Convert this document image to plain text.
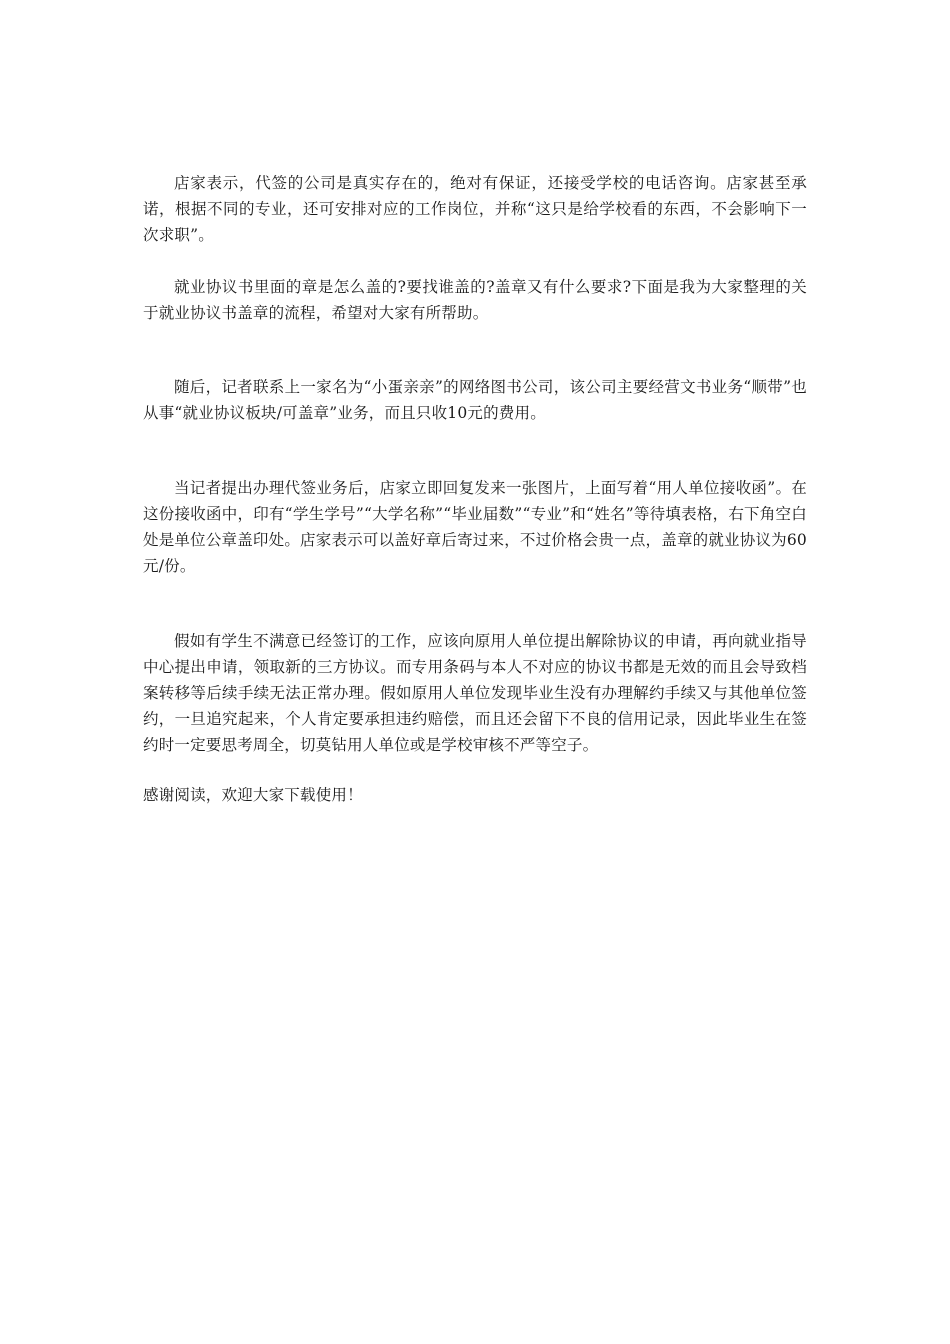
店家表示，代签的公司是真实存在的，绝对有保证，还接受学校的电话咨询。店家甚至承诺，根据不同的专业，还可安排对应的工作岗位，并称“这只是给学校看的东西，不会影响下一次求职”。

就业协议书里面的章是怎么盖的?要找谁盖的?盖章又有什么要求?下面是我为大家整理的关于就业协议书盖章的流程，希望对大家有所帮助。

随后，记者联系上一家名为“小蛋亲亲”的网络图书公司，该公司主要经营文书业务“顺带”也从事“就业协议板块/可盖章”业务，而且只收10元的费用。

当记者提出办理代签业务后，店家立即回复发来一张图片，上面写着“用人单位接收函”。在这份接收函中，印有“学生学号”“大学名称”“毕业届数”“专业”和“姓名”等待填表格，右下角空白处是单位公章盖印处。店家表示可以盖好章后寄过来，不过价格会贵一点，盖章的就业协议为60元/份。

假如有学生不满意已经签订的工作，应该向原用人单位提出解除协议的申请，再向就业指导中心提出申请，领取新的三方协议。而专用条码与本人不对应的协议书都是无效的而且会导致档案转移等后续手续无法正常办理。假如原用人单位发现毕业生没有办理解约手续又与其他单位签约，一旦追究起来，个人肯定要承担违约赔偿，而且还会留下不良的信用记录，因此毕业生在签约时一定要思考周全，切莫钻用人单位或是学校审核不严等空子。

感谢阅读，欢迎大家下载使用！
